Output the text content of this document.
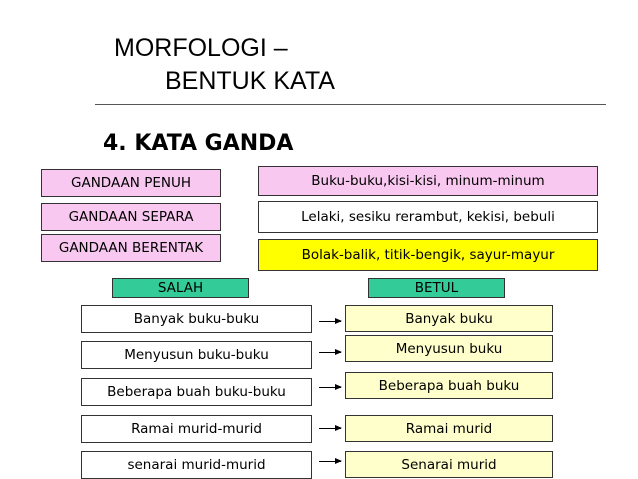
MORFOLOGI –
BENTUK KATA
4. KATA GANDA
GANDAAN PENUH	Buku-buku,kisi-kisi, minum-minum
GANDAAN SEPARA	Lelaki, sesiku rerambut, kekisi, bebuli
GANDAAN BERENTAK	Bolak-balik, titik-bengik, sayur-mayur
SALAH	BETUL
Banyak buku-buku	Banyak buku
Menyusun buku-buku	Menyusun buku
Beberapa buah buku-buku	Beberapa buah buku
Ramai murid-murid	Ramai murid
senarai murid-murid	Senarai murid
